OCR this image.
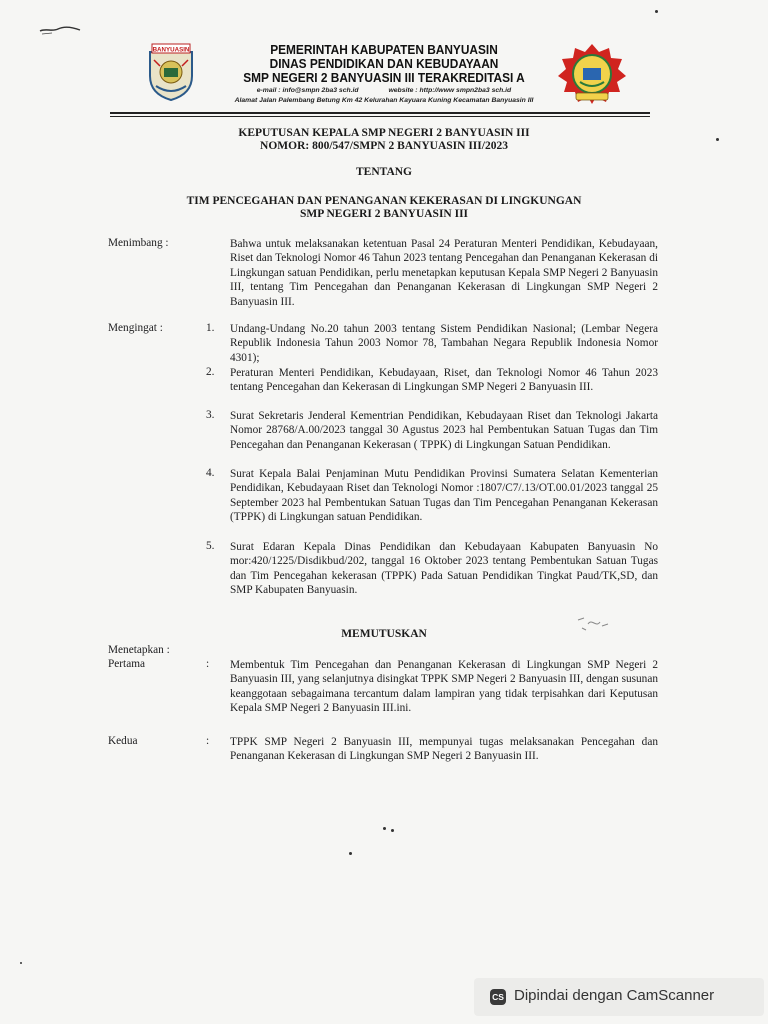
BANYUASIN	PEMERINTAH KABUPATEN BANYUASIN
DINAS PENDIDIKAN DAN KEBUDAYAAN
SMP NEGERI 2 BANYUASIN III TERAKREDITASI A
e-mail : info@smpn 2ba3 sch.id	website : http://www smpn2ba3 sch.id
Alamat Jalan Palembang Betung Km 42 Kelurahan Kayuara Kuning Kecamatan Banyuasin III
KEPUTUSAN KEPALA SMP NEGERI 2 BANYUASIN III
NOMOR: 800/547/SMPN 2 BANYUASIN III/2023
TENTANG
TIM PENCEGAHAN DAN PENANGANAN KEKERASAN DI LINGKUNGAN
SMP NEGERI 2 BANYUASIN III
Menimbang :	Bahwa untuk melaksanakan ketentuan Pasal 24 Peraturan Menteri Pendidikan, Kebudayaan, Riset dan Teknologi Nomor 46 Tahun 2023 tentang Pencegahan dan Penanganan Kekerasan di Lingkungan satuan Pendidikan, perlu menetapkan keputusan Kepala SMP Negeri 2 Banyuasin III, tentang Tim Pencegahan dan Penanganan Kekerasan di Lingkungan SMP Negeri 2 Banyuasin III.
Mengingat :	1. Undang-Undang No.20 tahun 2003 tentang Sistem Pendidikan Nasional; (Lembar Negera Republik Indonesia Tahun 2003 Nomor 78, Tambahan Negara Republik Indonesia Nomor 4301);
2. Peraturan Menteri Pendidikan, Kebudayaan, Riset, dan Teknologi Nomor 46 Tahun 2023 tentang Pencegahan dan Kekerasan di Lingkungan SMP Negeri 2 Banyuasin III.
3. Surat Sekretaris Jenderal Kementrian Pendidikan, Kebudayaan Riset dan Teknologi Jakarta Nomor 28768/A.00/2023 tanggal 30 Agustus 2023 hal Pembentukan Satuan Tugas dan Tim Pencegahan dan Penanganan Kekerasan ( TPPK) di Lingkungan Satuan Pendidikan.
4. Surat Kepala Balai Penjaminan Mutu Pendidikan Provinsi Sumatera Selatan Kementerian Pendidikan, Kebudayaan Riset dan Teknologi Nomor :1807/C7/.13/OT.00.01/2023 tanggal 25 September 2023 hal Pembentukan Satuan Tugas dan Tim Pencegahan Penanganan Kekerasan (TPPK) di Lingkungan satuan Pendidikan.
5. Surat Edaran Kepala Dinas Pendidikan dan Kebudayaan Kabupaten Banyuasin No mor:420/1225/Disdikbud/202, tanggal 16 Oktober 2023 tentang Pembentukan Satuan Tugas dan Tim Pencegahan kekerasan (TPPK) Pada Satuan Pendidikan Tingkat Paud/TK,SD, dan SMP Kabupaten Banyuasin.
MEMUTUSKAN
Menetapkan :
Pertama	: Membentuk Tim Pencegahan dan Penanganan Kekerasan di Lingkungan SMP Negeri 2 Banyuasin III, yang selanjutnya disingkat TPPK SMP Negeri 2 Banyuasin III, dengan susunan keanggotaan sebagaimana tercantum dalam lampiran yang tidak terpisahkan dari Keputusan Kepala SMP Negeri 2 Banyuasin III.ini.
Kedua	: TPPK SMP Negeri 2 Banyuasin III, mempunyai tugas melaksanakan Pencegahan dan Penanganan Kekerasan di Lingkungan SMP Negeri 2 Banyuasin III.
CS Dipindai dengan CamScanner
